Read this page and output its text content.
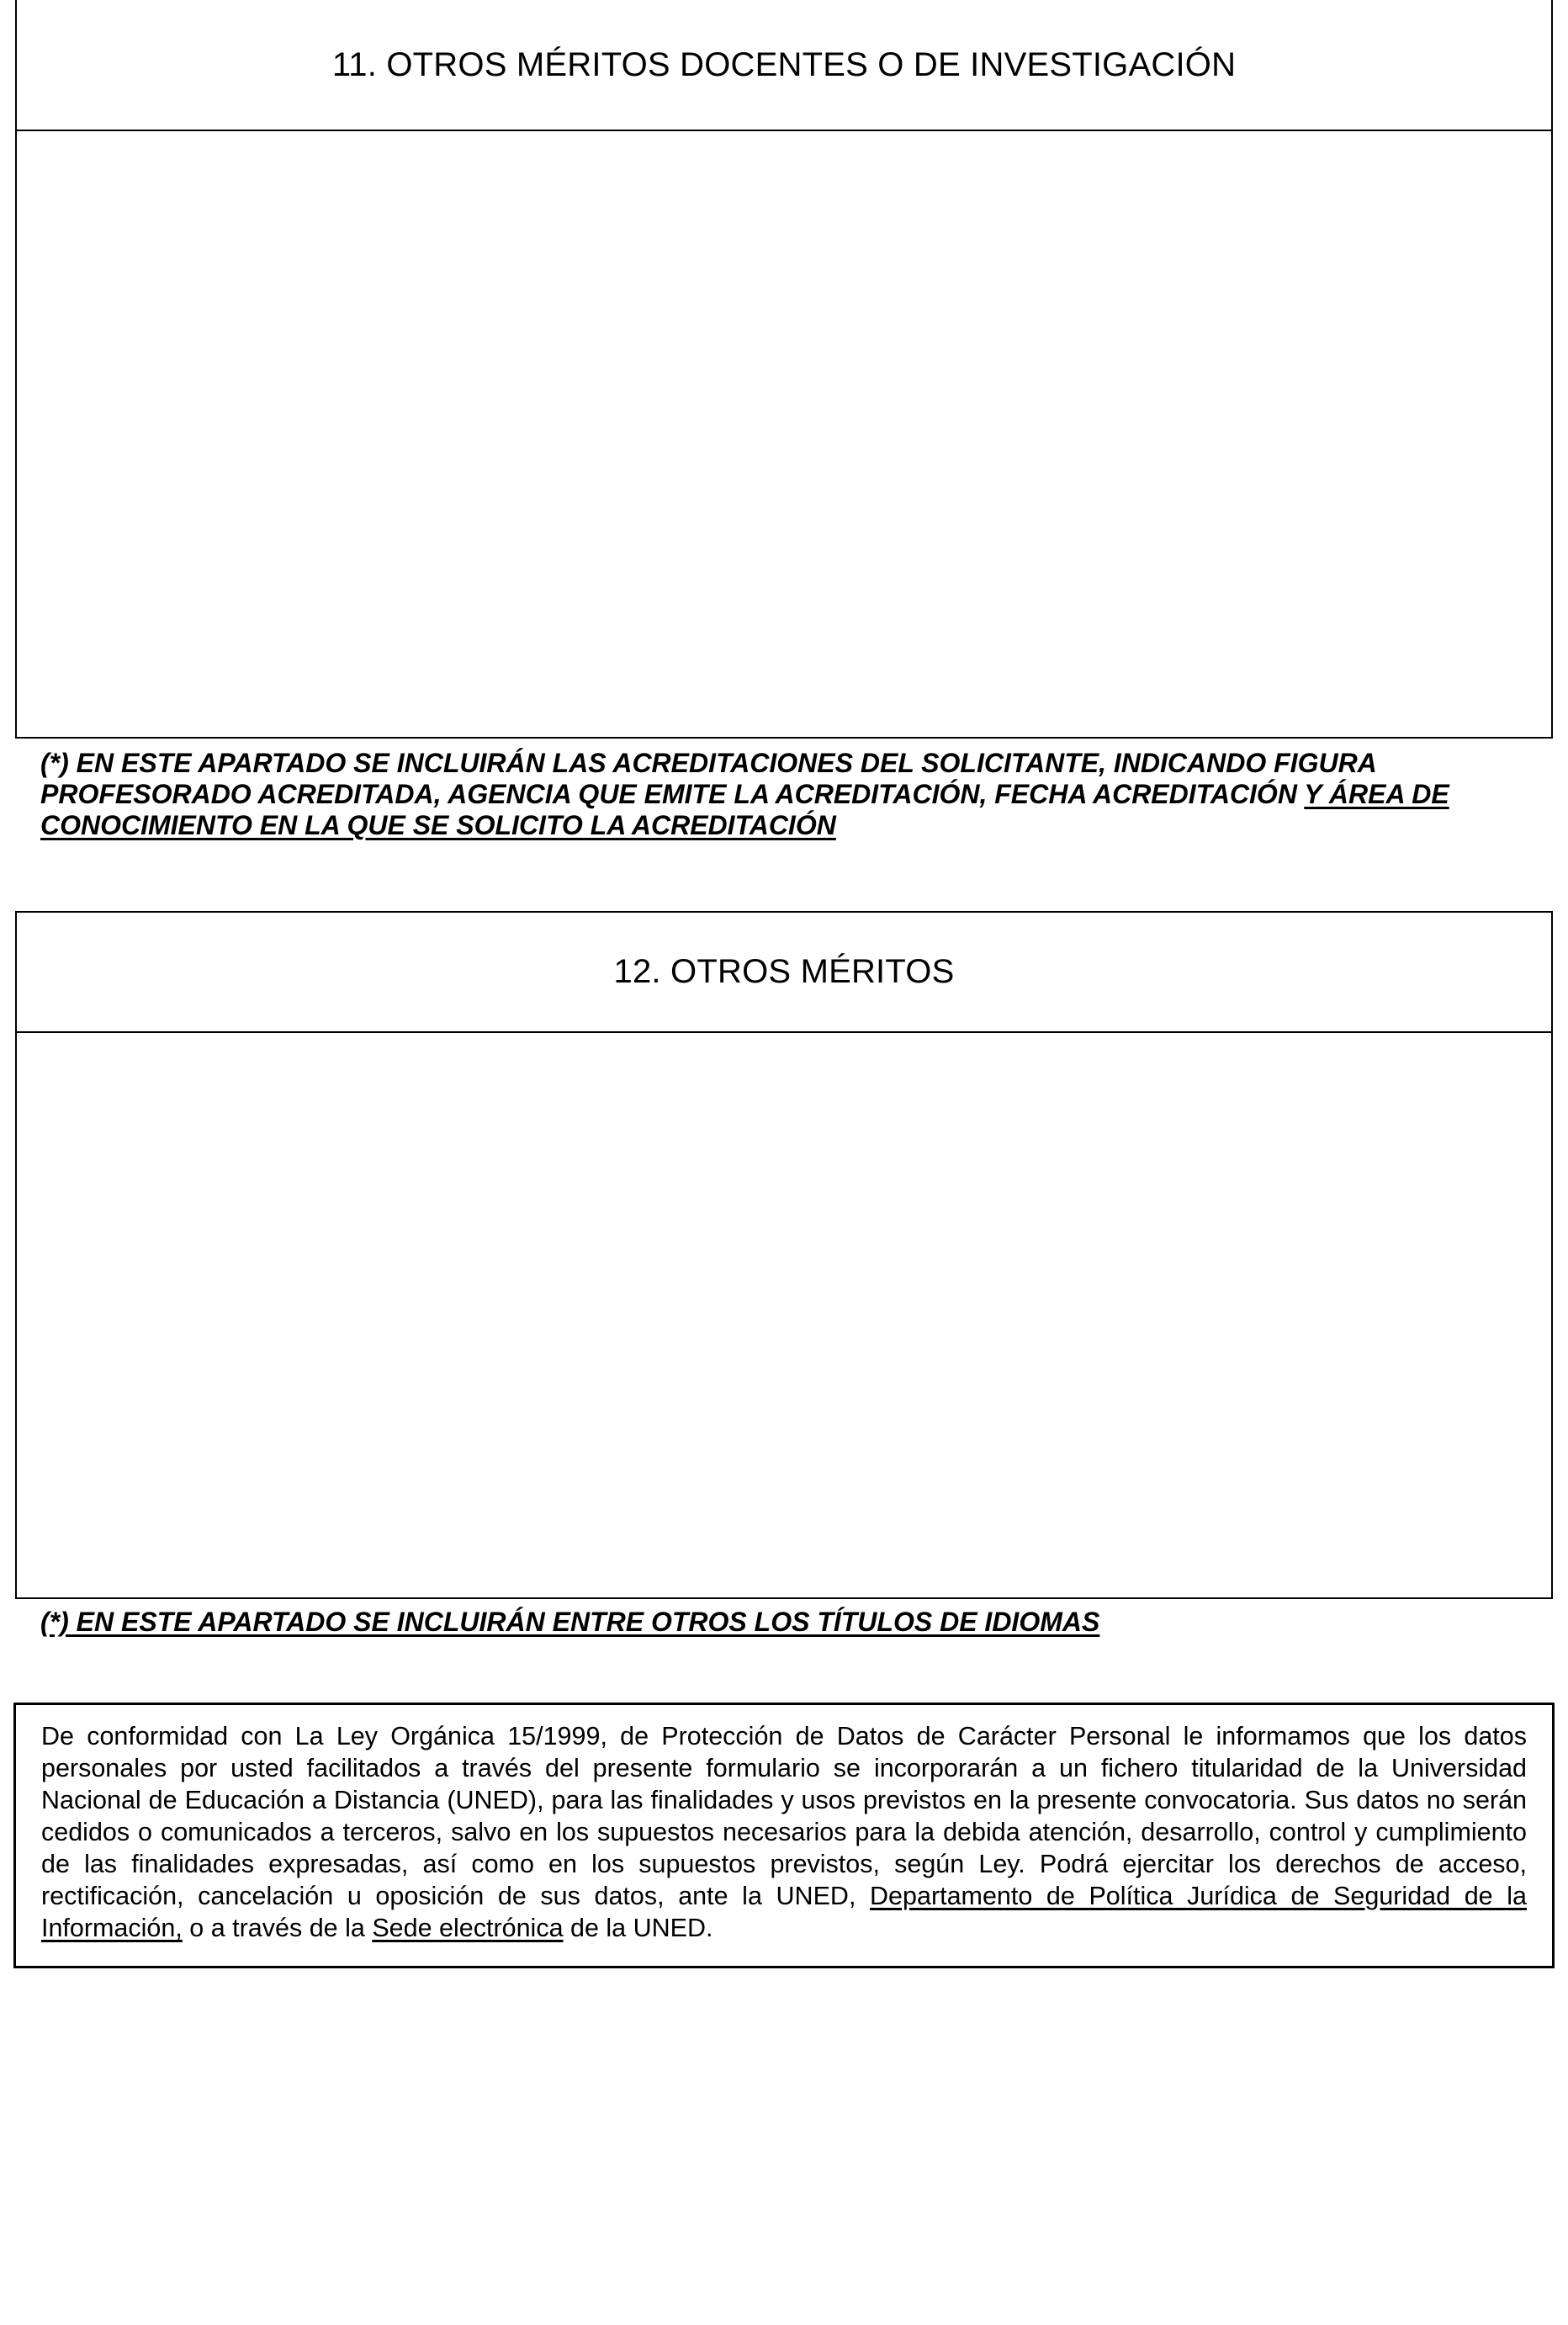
11. OTROS MÉRITOS DOCENTES O DE INVESTIGACIÓN
(*) EN ESTE APARTADO SE INCLUIRÁN LAS ACREDITACIONES DEL SOLICITANTE, INDICANDO FIGURA PROFESORADO ACREDITADA, AGENCIA QUE EMITE LA ACREDITACIÓN, FECHA ACREDITACIÓN Y ÁREA DE CONOCIMIENTO EN LA QUE SE SOLICITO LA ACREDITACIÓN
12. OTROS MÉRITOS
(*) EN ESTE APARTADO SE INCLUIRÁN ENTRE OTROS LOS TÍTULOS DE IDIOMAS
De conformidad con La Ley Orgánica 15/1999, de Protección de Datos de Carácter Personal le informamos que los datos personales por usted facilitados a través del presente formulario se incorporarán a un fichero titularidad de la Universidad Nacional de Educación a Distancia (UNED), para las finalidades y usos previstos en la presente convocatoria. Sus datos no serán cedidos o comunicados a terceros, salvo en los supuestos necesarios para la debida atención, desarrollo, control y cumplimiento de las finalidades expresadas, así como en los supuestos previstos, según Ley. Podrá ejercitar los derechos de acceso, rectificación, cancelación u oposición de sus datos, ante la UNED, Departamento de Política Jurídica de Seguridad de la Información, o a través de la Sede electrónica de la UNED.
